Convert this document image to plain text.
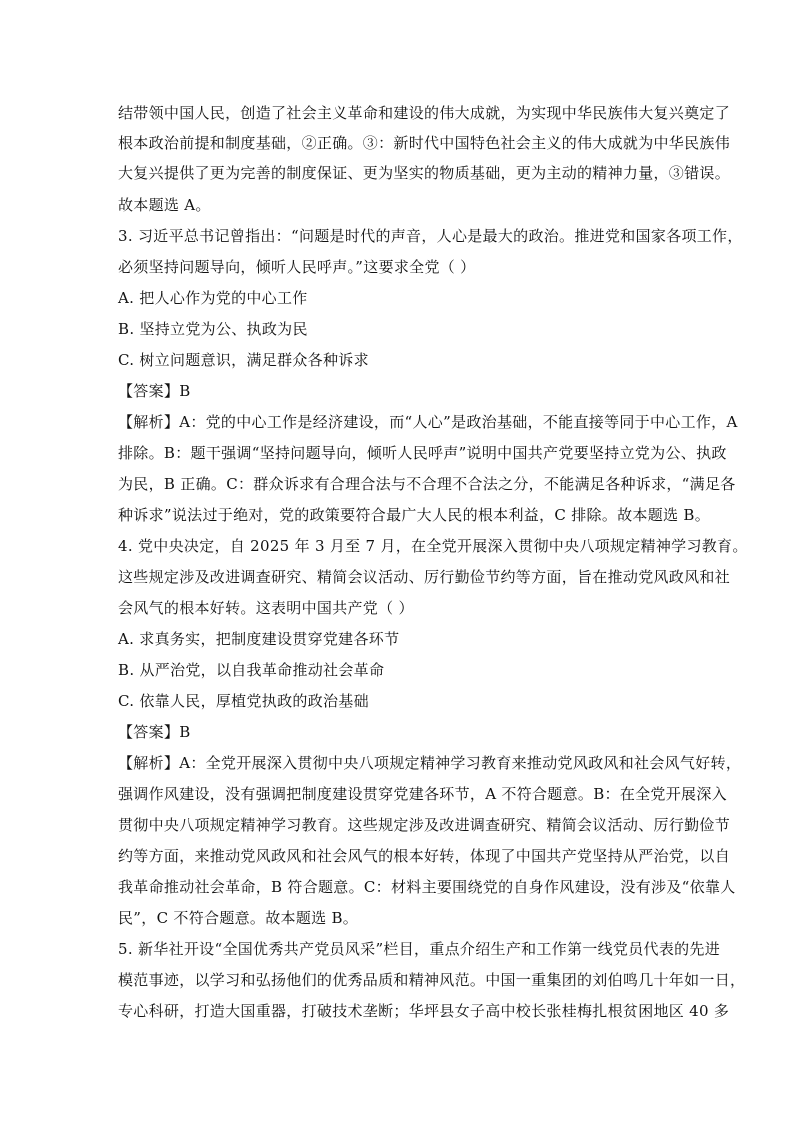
结带领中国人民，创造了社会主义革命和建设的伟大成就，为实现中华民族伟大复兴奠定了
根本政治前提和制度基础，②正确。③：新时代中国特色社会主义的伟大成就为中华民族伟
大复兴提供了更为完善的制度保证、更为坚实的物质基础，更为主动的精神力量，③错误。
故本题选 A。
3. 习近平总书记曾指出：“问题是时代的声音，人心是最大的政治。推进党和国家各项工作，
必须坚持问题导向，倾听人民呼声。”这要求全党（ ）
A. 把人心作为党的中心工作
B. 坚持立党为公、执政为民
C. 树立问题意识，满足群众各种诉求
【答案】B
【解析】A：党的中心工作是经济建设，而“人心”是政治基础，不能直接等同于中心工作，A
排除。B：题干强调“坚持问题导向，倾听人民呼声”说明中国共产党要坚持立党为公、执政
为民，B 正确。C：群众诉求有合理合法与不合理不合法之分，不能满足各种诉求，“满足各
种诉求”说法过于绝对，党的政策要符合最广大人民的根本利益，C 排除。故本题选 B。
4. 党中央决定，自 2025 年 3 月至 7 月，在全党开展深入贯彻中央八项规定精神学习教育。
这些规定涉及改进调查研究、精简会议活动、厉行勤俭节约等方面，旨在推动党风政风和社
会风气的根本好转。这表明中国共产党（ ）
A. 求真务实，把制度建设贯穿党建各环节
B. 从严治党，以自我革命推动社会革命
C. 依靠人民，厚植党执政的政治基础
【答案】B
【解析】A：全党开展深入贯彻中央八项规定精神学习教育来推动党风政风和社会风气好转，
强调作风建设，没有强调把制度建设贯穿党建各环节，A 不符合题意。B：在全党开展深入
贯彻中央八项规定精神学习教育。这些规定涉及改进调查研究、精简会议活动、厉行勤俭节
约等方面，来推动党风政风和社会风气的根本好转，体现了中国共产党坚持从严治党，以自
我革命推动社会革命，B 符合题意。C：材料主要围绕党的自身作风建设，没有涉及“依靠人
民”，C 不符合题意。故本题选 B。
5. 新华社开设“全国优秀共产党员风采”栏目，重点介绍生产和工作第一线党员代表的先进
模范事迹，以学习和弘扬他们的优秀品质和精神风范。中国一重集团的刘伯鸣几十年如一日，
专心科研，打造大国重器，打破技术垄断；华坪县女子高中校长张桂梅扎根贫困地区 40 多
